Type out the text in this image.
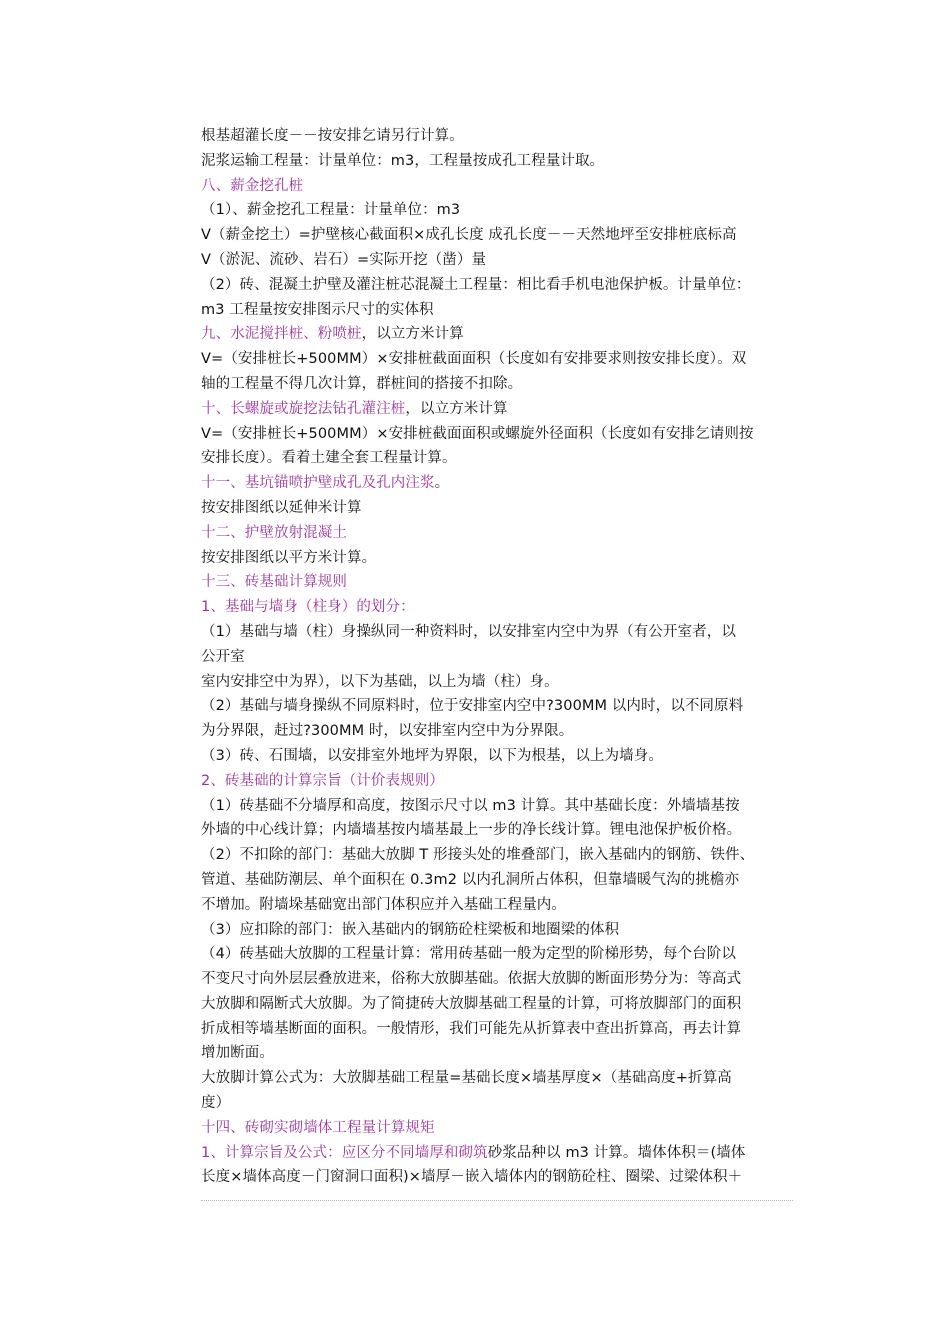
根基超灌长度－－按安排乞请另行计算。
泥浆运输工程量：计量单位：m3，工程量按成孔工程量计取。
八、薪金挖孔桩
（1）、薪金挖孔工程量：计量单位：m3
V（薪金挖土）=护壁核心截面积×成孔长度 成孔长度－－天然地坪至安排桩底标高
V（淤泥、流砂、岩石）=实际开挖（凿）量
（2）砖、混凝土护壁及灌注桩芯混凝土工程量：相比看手机电池保护板。计量单位：
m3 工程量按安排图示尺寸的实体积
九、水泥搅拌桩、粉喷桩，以立方米计算
V=（安排桩长+500MM）×安排桩截面面积（长度如有安排要求则按安排长度）。双
轴的工程量不得几次计算，群桩间的搭接不扣除。
十、长螺旋或旋挖法钻孔灌注桩，以立方米计算
V=（安排桩长+500MM）×安排桩截面面积或螺旋外径面积（长度如有安排乞请则按
安排长度）。看着土建全套工程量计算。
十一、基坑锚喷护壁成孔及孔内注浆。
按安排图纸以延伸米计算
十二、护壁放射混凝土
按安排图纸以平方米计算。
十三、砖基础计算规则
1、基础与墙身（柱身）的划分：
（1）基础与墙（柱）身操纵同一种资料时，以安排室内空中为界（有公开室者，以
公开室
室内安排空中为界），以下为基础，以上为墙（柱）身。
（2）基础与墙身操纵不同原料时，位于安排室内空中?300MM 以内时，以不同原料
为分界限，赶过?300MM 时，以安排室内空中为分界限。
（3）砖、石围墙，以安排室外地坪为界限，以下为根基，以上为墙身。
2、砖基础的计算宗旨（计价表规则）
（1）砖基础不分墙厚和高度，按图示尺寸以 m3 计算。其中基础长度：外墙墙基按
外墙的中心线计算；内墙墙基按内墙基最上一步的净长线计算。锂电池保护板价格。
（2）不扣除的部门：基础大放脚 T 形接头处的堆叠部门，嵌入基础内的钢筋、铁件、
管道、基础防潮层、单个面积在 0.3m2 以内孔洞所占体积，但靠墙暖气沟的挑檐亦
不增加。附墙垛基础宽出部门体积应并入基础工程量内。
（3）应扣除的部门：嵌入基础内的钢筋砼柱梁板和地圈梁的体积
（4）砖基础大放脚的工程量计算：常用砖基础一般为定型的阶梯形势，每个台阶以
不变尺寸向外层层叠放进来，俗称大放脚基础。依据大放脚的断面形势分为：等高式
大放脚和隔断式大放脚。为了简捷砖大放脚基础工程量的计算，可将放脚部门的面积
折成相等墙基断面的面积。一般情形，我们可能先从折算表中查出折算高，再去计算
增加断面。
大放脚计算公式为：大放脚基础工程量=基础长度×墙基厚度×（基础高度+折算高
度）
十四、砖砌实砌墙体工程量计算规矩
1、计算宗旨及公式：应区分不同墙厚和砌筑砂浆品种以 m3 计算。墙体体积＝(墙体
长度×墙体高度－门窗洞口面积)×墙厚－嵌入墙体内的钢筋砼柱、圈梁、过梁体积＋
